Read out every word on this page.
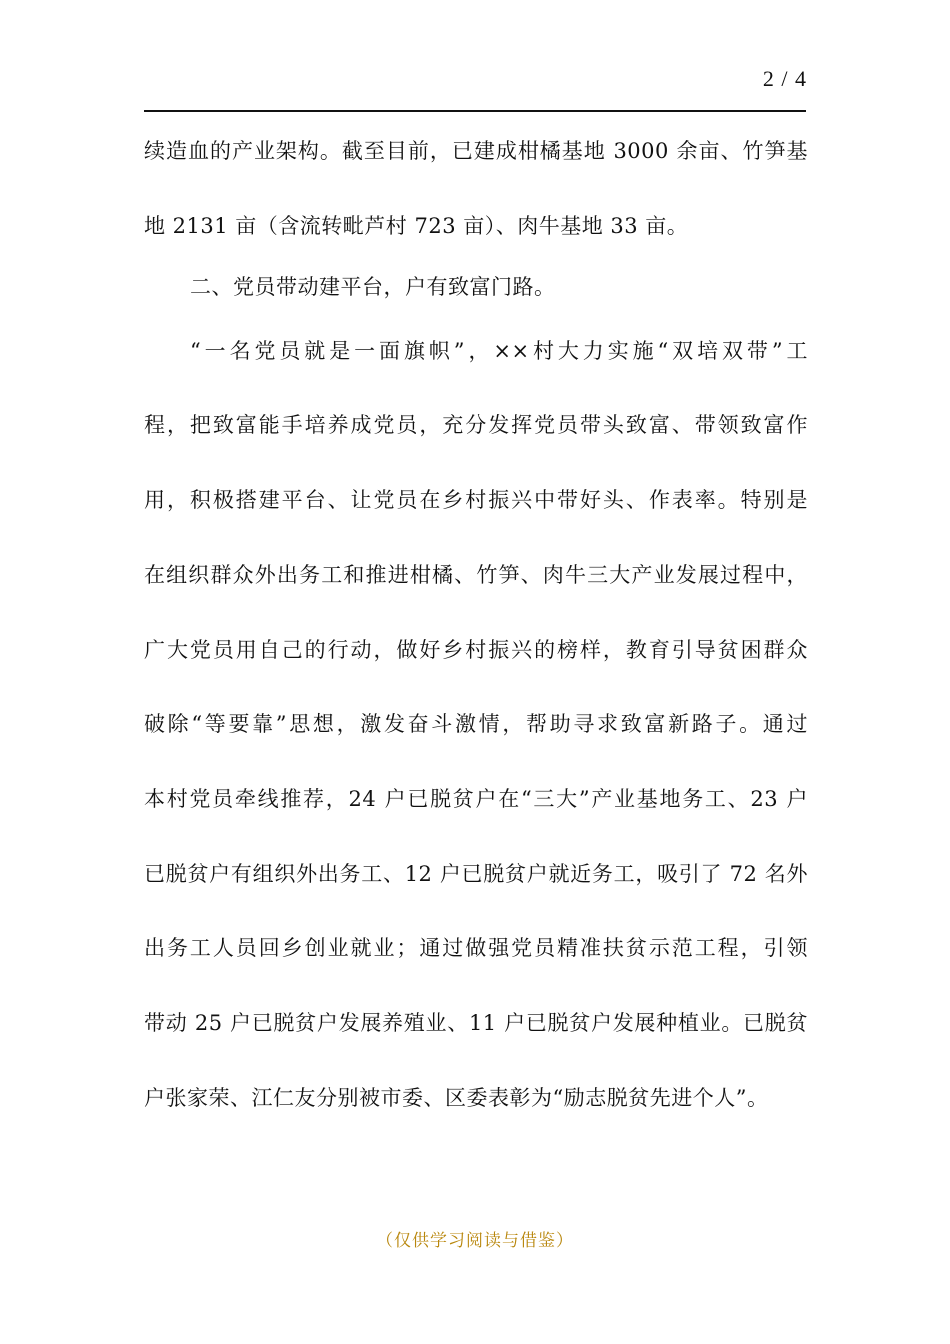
2 / 4
续造血的产业架构。截至目前，已建成柑橘基地 3000 余亩、竹笋基
地 2131 亩（含流转毗芦村 723 亩）、肉牛基地 33 亩。
二、党员带动建平台，户有致富门路。
“一名党员就是一面旗帜”，××村大力实施“双培双带”工
程，把致富能手培养成党员，充分发挥党员带头致富、带领致富作
用，积极搭建平台、让党员在乡村振兴中带好头、作表率。特别是
在组织群众外出务工和推进柑橘、竹笋、肉牛三大产业发展过程中，
广大党员用自己的行动，做好乡村振兴的榜样，教育引导贫困群众
破除“等要靠”思想，激发奋斗激情，帮助寻求致富新路子。通过
本村党员牵线推荐，24 户已脱贫户在“三大”产业基地务工、23 户
已脱贫户有组织外出务工、12 户已脱贫户就近务工，吸引了 72 名外
出务工人员回乡创业就业；通过做强党员精准扶贫示范工程，引领
带动 25 户已脱贫户发展养殖业、11 户已脱贫户发展种植业。已脱贫
户张家荣、江仁友分别被市委、区委表彰为“励志脱贫先进个人”。
（仅供学习阅读与借鉴）
